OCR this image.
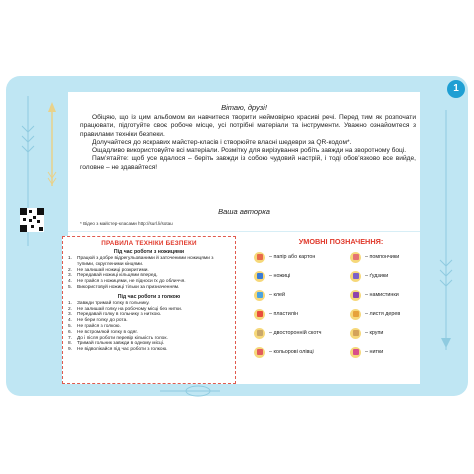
1
Вітаю, друзі!

Обіцяю, що із цим альбомом ви навчитеся творити неймовірно красиві речі. Перед тим як розпочати працювати, підготуйте своє робоче місце, усі потрібні матеріали та інструменти. Уважно ознайомтеся з правилами техніки безпеки.

Долучайтеся до яскравих майстер-класів і створюйте власні шедеври за QR-кодом*.

Ощадливо використовуйте всі матеріали. Розмітку для вирізування робіть завжди на зворотному боці.

Пам’ятайте: щоб усе вдалося – беріть завжди із собою чудовий настрій, і тоді обов’язково все вийде, головне – не здавайтеся!

Ваша авторка
* Відео з майстер-класами http://surl.li/sotau
ПРАВИЛА ТЕХНІКИ БЕЗПЕКИ
Під час роботи з ножицями
1.	Працюй з добре відрегульованими й заточеними ножицями з тупими, скругленими кінцями.
2.	Не залишай ножиці розкритими.
3.	Передавай ножиці кільцями вперед.
4.	Не грайся з ножицями, не підноси їх до обличчя.
5.	Використовуй ножиці тільки за призначенням.
Під час роботи з голкою
1.	Завжди тримай голку в гольнику.
2.	Не залишай голку на робочому місці без нитки.
3.	Передавай голку в гольнику з ниткою.
4.	Не бери голку до рота.
5.	Не грайся з голкою.
6.	Не встромлюй голку в одяг.
7.	До і після роботи перевір кількість голок.
8.	Тримай гольник завжди в одному місці.
9.	Не відволікайся під час роботи з голкою.
УМОВНІ ПОЗНАЧЕННЯ:
– папір або картон
– ножиці
– клей
– пластилін
– двосторонній скотч
– кольорові олівці
– помпончики
– ґудзики
– намистинки
– листя дерев
– крупи
– нитки
